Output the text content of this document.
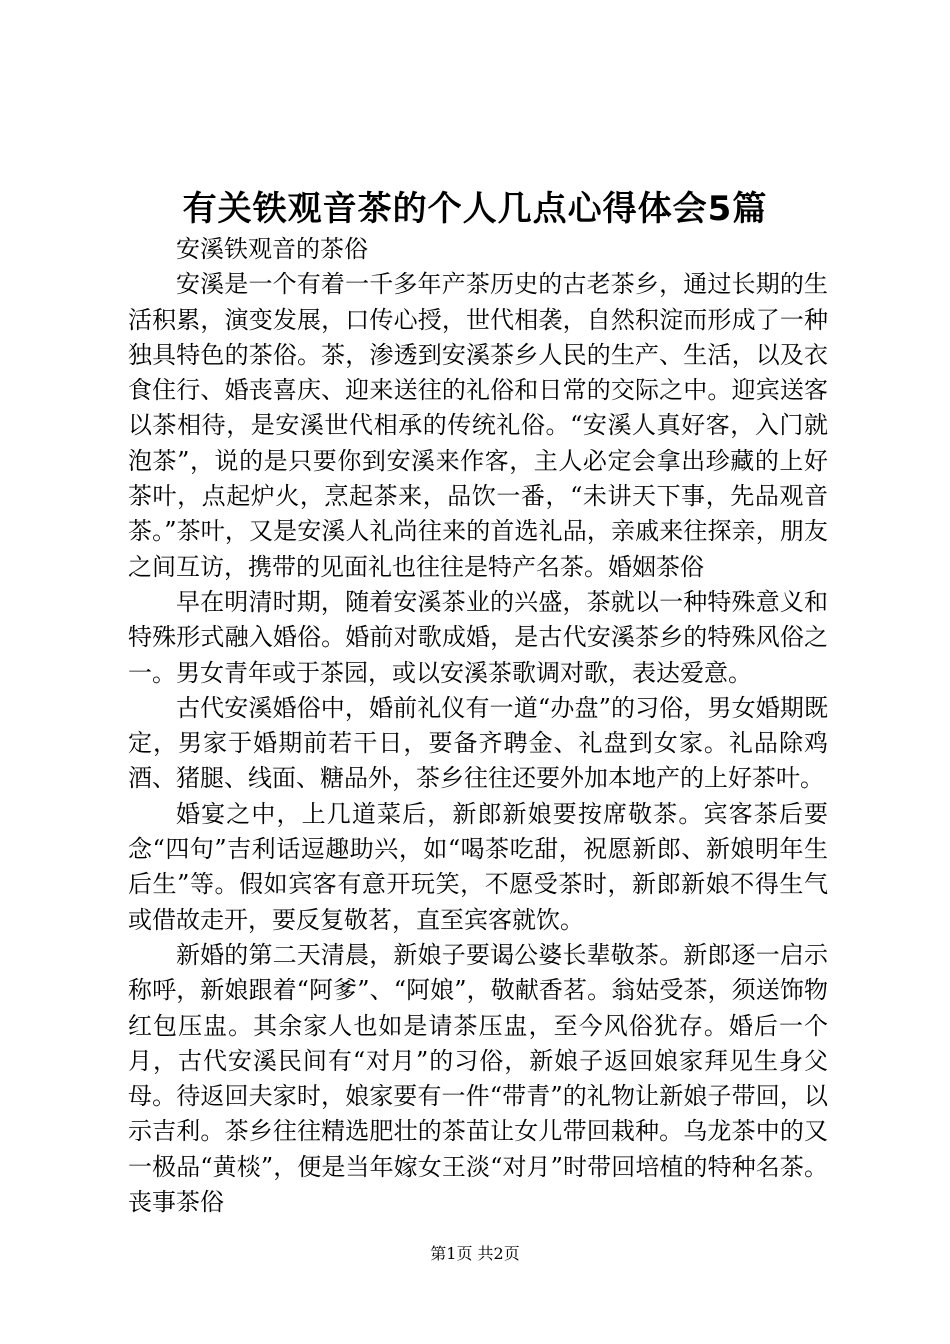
有关铁观音茶的个人几点心得体会5篇

安溪铁观音的茶俗

安溪是一个有着一千多年产茶历史的古老茶乡，通过长期的生活积累，演变发展，口传心授，世代相袭，自然积淀而形成了一种独具特色的茶俗。茶，渗透到安溪茶乡人民的生产、生活，以及衣食住行、婚丧喜庆、迎来送往的礼俗和日常的交际之中。迎宾送客以茶相待，是安溪世代相承的传统礼俗。“安溪人真好客，入门就泡茶”，说的是只要你到安溪来作客，主人必定会拿出珍藏的上好茶叶，点起炉火，烹起茶来，品饮一番，“未讲天下事，先品观音茶。”茶叶，又是安溪人礼尚往来的首选礼品，亲戚来往探亲，朋友之间互访，携带的见面礼也往往是特产名茶。婚姻茶俗

早在明清时期，随着安溪茶业的兴盛，茶就以一种特殊意义和特殊形式融入婚俗。婚前对歌成婚，是古代安溪茶乡的特殊风俗之一。男女青年或于茶园，或以安溪茶歌调对歌，表达爱意。

古代安溪婚俗中，婚前礼仪有一道“办盘”的习俗，男女婚期既定，男家于婚期前若干日，要备齐聘金、礼盘到女家。礼品除鸡酒、猪腿、线面、糖品外，茶乡往往还要外加本地产的上好茶叶。

婚宴之中，上几道菜后，新郎新娘要按席敬茶。宾客茶后要念“四句”吉利话逗趣助兴，如“喝茶吃甜，祝愿新郎、新娘明年生后生”等。假如宾客有意开玩笑，不愿受茶时，新郎新娘不得生气或借故走开，要反复敬茗，直至宾客就饮。

新婚的第二天清晨，新娘子要谒公婆长辈敬茶。新郎逐一启示称呼，新娘跟着“阿爹”、“阿娘”，敬献香茗。翁姑受茶，须送饰物红包压盅。其余家人也如是请茶压盅，至今风俗犹存。婚后一个月，古代安溪民间有“对月”的习俗，新娘子返回娘家拜见生身父母。待返回夫家时，娘家要有一件“带青”的礼物让新娘子带回，以示吉利。茶乡往往精选肥壮的茶苗让女儿带回栽种。乌龙茶中的又一极品“黄棪”，便是当年嫁女王淡“对月”时带回培植的特种名茶。丧事茶俗

第1页 共2页
